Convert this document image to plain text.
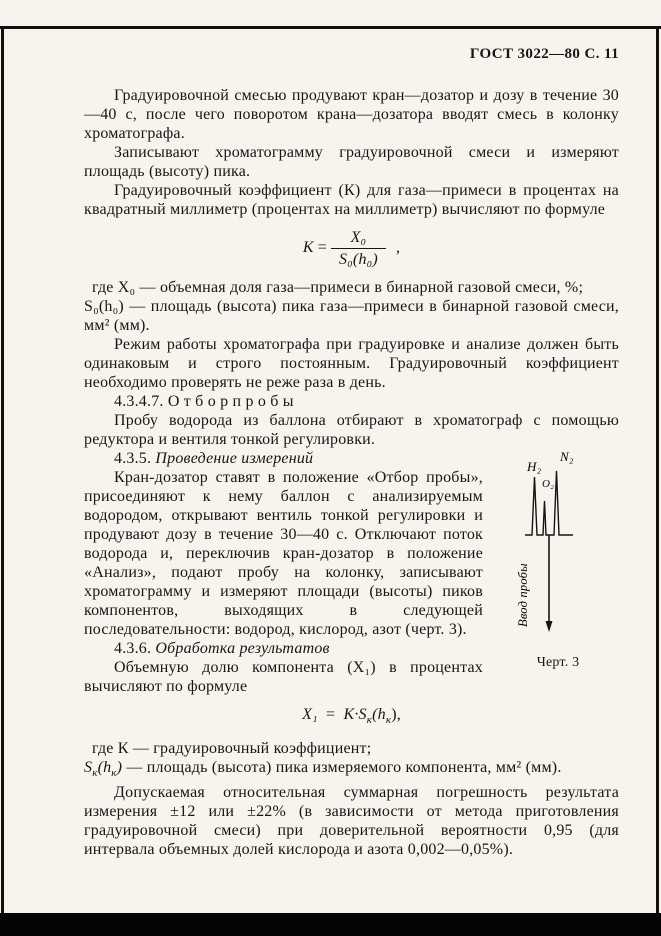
ГОСТ 3022—80 С. 11

Градуировочной смесью продувают кран—дозатор и дозу в течение 30—40 с, после чего поворотом крана—дозатора вводят смесь в колонку хроматографа.

Записывают хроматограмму градуировочной смеси и измеряют площадь (высоту) пика.

Градуировочный коэффициент (К) для газа—примеси в процентах на квадратный миллиметр (процентах на миллиметр) вычисляют по формуле

$K = \frac{\text{X₀}}{\text{S₀(h₀)}}$ ,

где X₀ — объемная доля газа—примеси в бинарной газовой смеси, %;

S₀(h₀) — площадь (высота) пика газа—примеси в бинарной газовой смеси, мм² (мм).

Режим работы хроматографа при градуировке и анализе должен быть одинаковым и строго постоянным. Градуировочный коэффициент необходимо проверять не реже раза в день.

4.3.4.7. О т б о р п р о б ы

Пробу водорода из баллона отбирают в хроматограф с помощью редуктора и вентиля тонкой регулировки.

H₂
N₂
O₂
Ввод пробы
Черт. 3

4.3.5. Проведение измерений

Кран-дозатор ставят в положение «Отбор пробы», присоединяют к нему баллон с анализируемым водородом, открывают вентиль тонкой регулировки и продувают дозу в течение 30—40 с. Отключают поток водорода и, переключив кран-дозатор в положение «Анализ», подают пробу на колонку, записывают хроматограмму и измеряют площади (высоты) пиков компонентов, выходящих в следующей последовательности: водород, кислород, азот (черт. 3).

4.3.6. Обработка результатов

Объемную долю компонента (X₁) в процентах вычисляют по формуле

$X_1 = K\cdot S_к(h_к)$,

где К — градуировочный коэффициент;

$S_к(h_к)$ — площадь (высота) пика измеряемого компонента, мм² (мм).

Допускаемая относительная суммарная погрешность результата измерения ±12 или ±22% (в зависимости от метода приготовления градуировочной смеси) при доверительной вероятности 0,95 (для интервала объемных долей кислорода и азота 0,002—0,05%).
